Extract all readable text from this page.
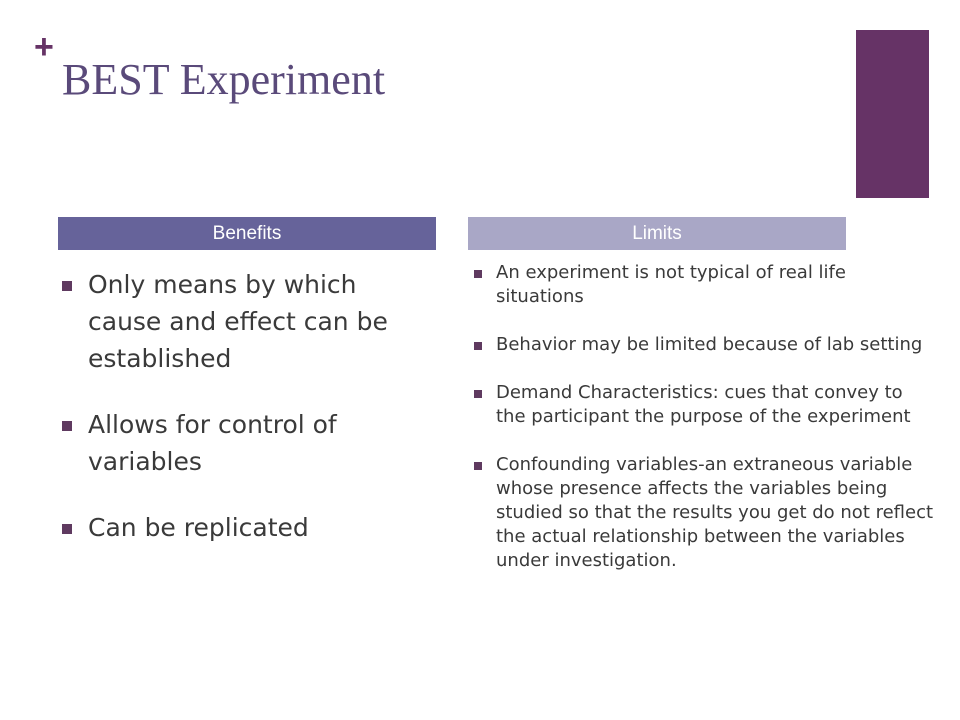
+
BEST Experiment
Benefits	Limits
Only means by which cause and effect can be established
Allows for control of variables
Can be replicated
An experiment is not typical of real life situations
Behavior may be limited because of lab setting
Demand Characteristics: cues that convey to the participant the purpose of the experiment
Confounding variables-an extraneous variable whose presence affects the variables being studied so that the results you get do not reflect the actual relationship between the variables under investigation.
